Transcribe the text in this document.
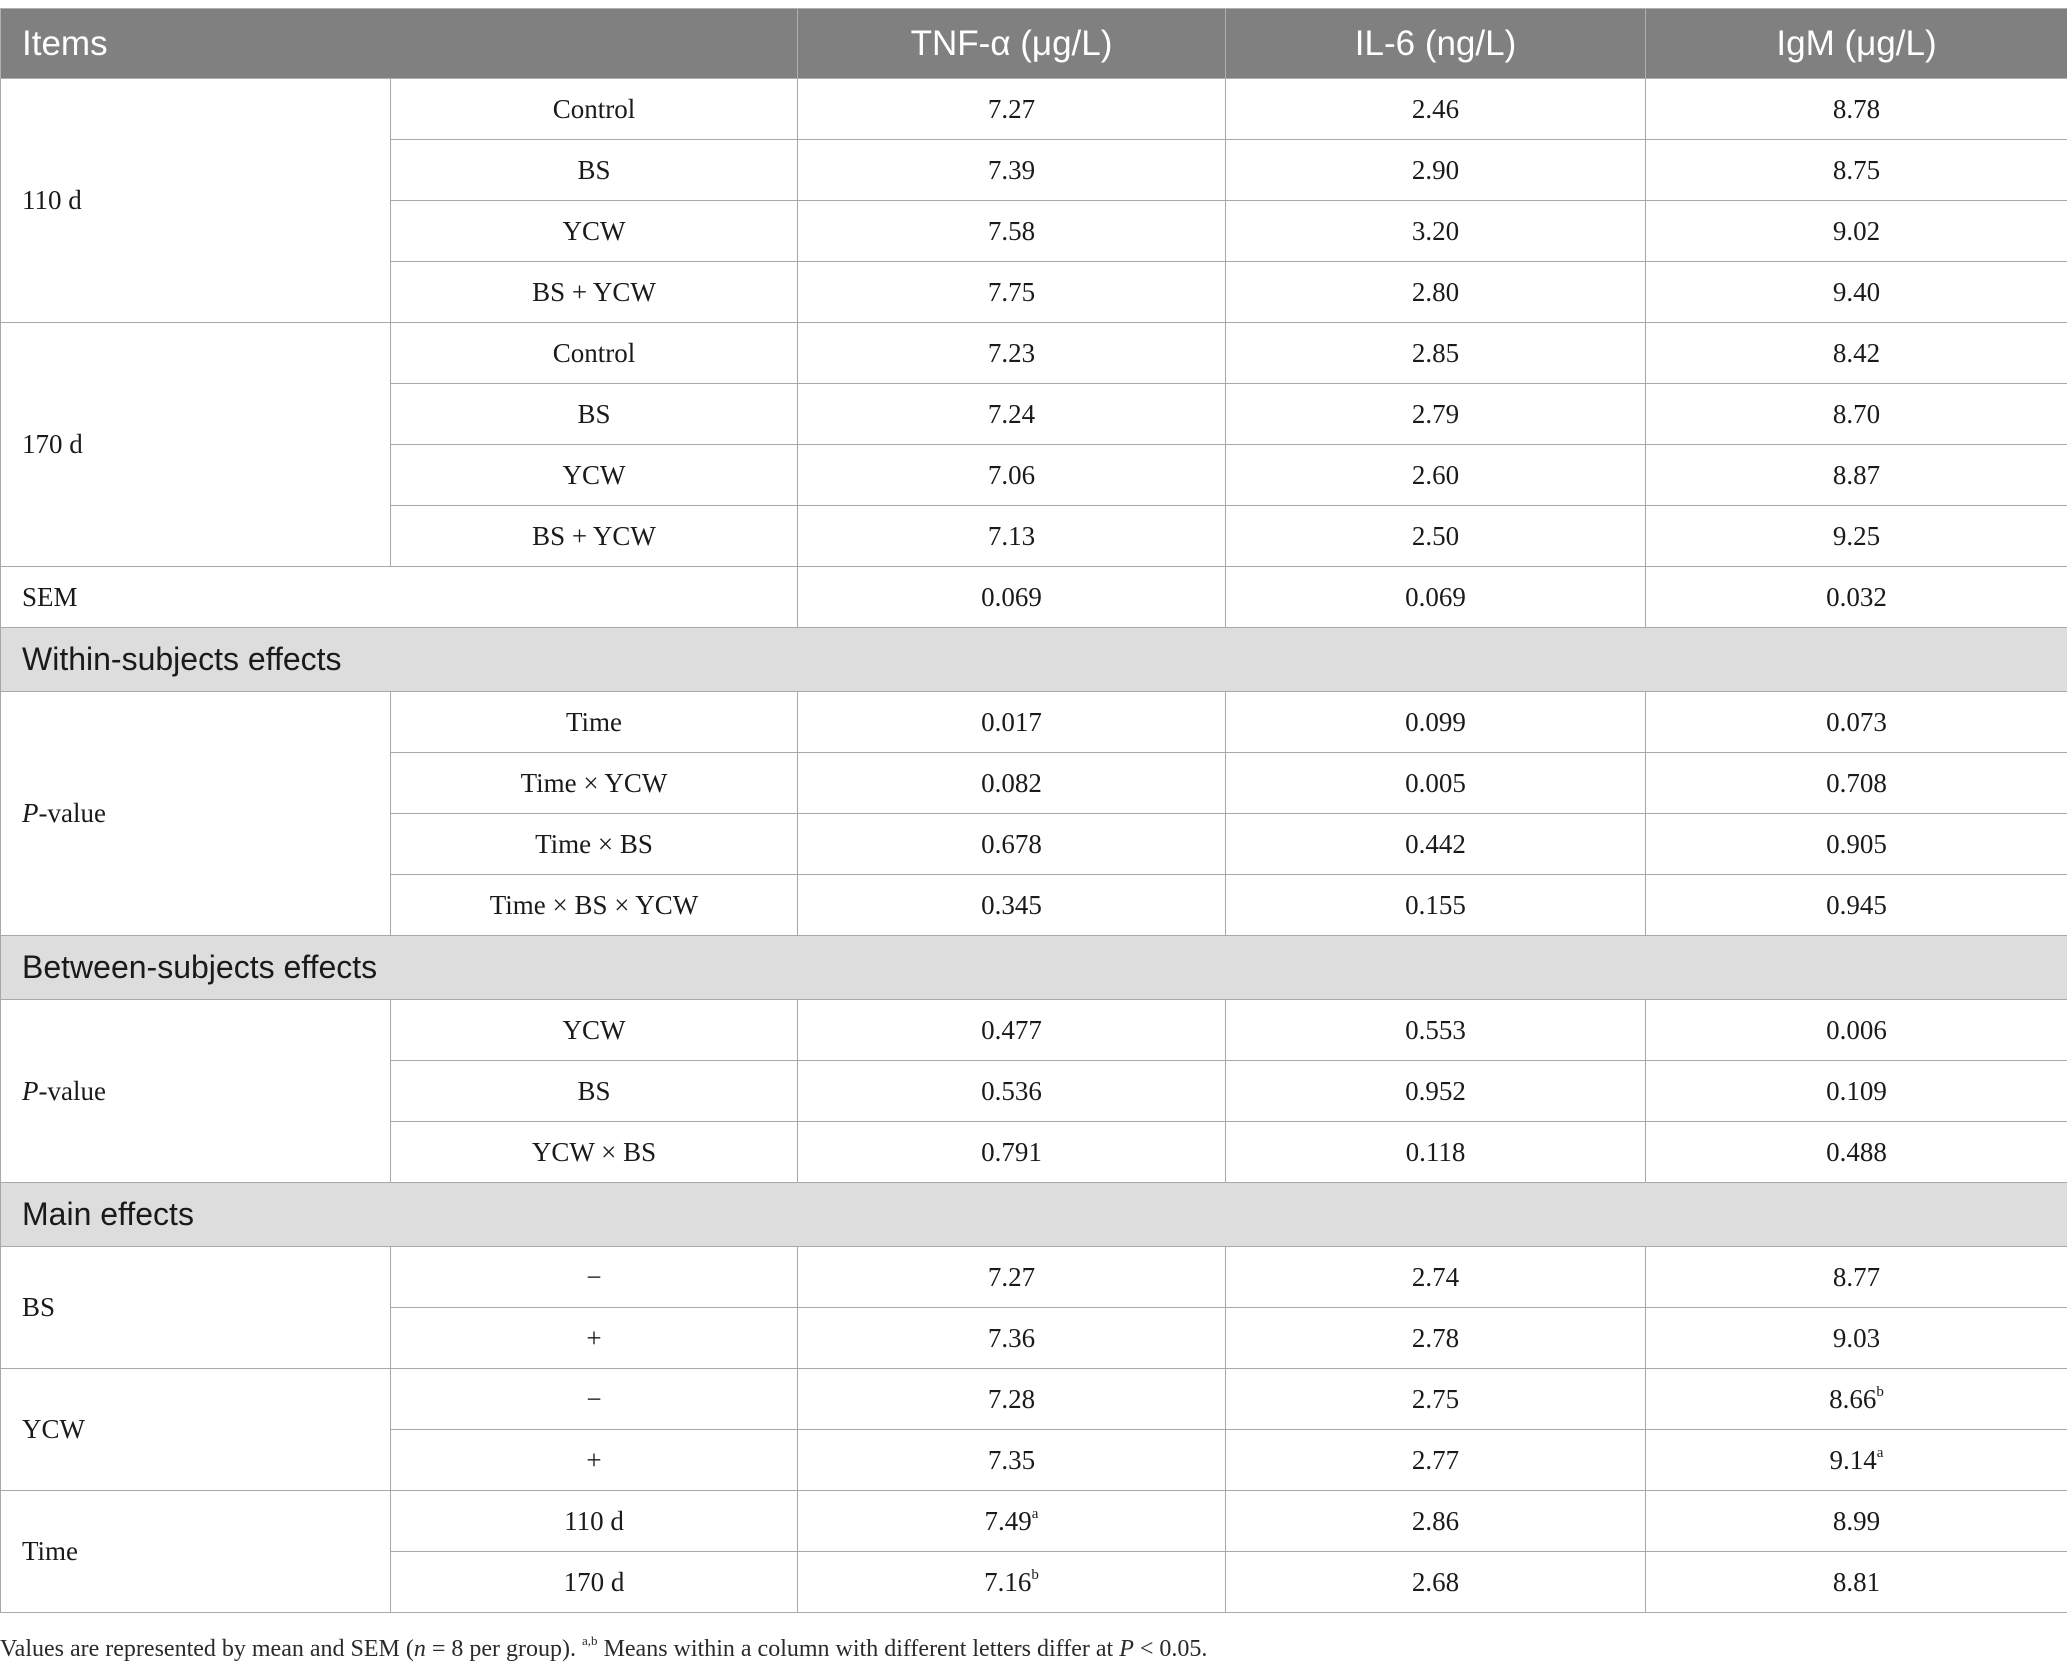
Items		TNF-α (μg/L)	IL-6 (ng/L)	IgM (μg/L)
110 d	Control	7.27	2.46	8.78
	BS	7.39	2.90	8.75
	YCW	7.58	3.20	9.02
	BS + YCW	7.75	2.80	9.40
170 d	Control	7.23	2.85	8.42
	BS	7.24	2.79	8.70
	YCW	7.06	2.60	8.87
	BS + YCW	7.13	2.50	9.25
SEM		0.069	0.069	0.032
Within-subjects effects				
P-value	Time	0.017	0.099	0.073
	Time × YCW	0.082	0.005	0.708
	Time × BS	0.678	0.442	0.905
	Time × BS × YCW	0.345	0.155	0.945
Between-subjects effects				
P-value	YCW	0.477	0.553	0.006
	BS	0.536	0.952	0.109
	YCW × BS	0.791	0.118	0.488
Main effects				
BS	−	7.27	2.74	8.77
	+	7.36	2.78	9.03
YCW	−	7.28	2.75	8.66$^b$
	+	7.35	2.77	9.14$^a$
Time	110 d	7.49$^a$	2.86	8.99
	170 d	7.16$^b$	2.68	8.81
Values are represented by mean and SEM (n = 8 per group). $^{a,b}$ Means within a column with different letters differ at P < 0.05.
